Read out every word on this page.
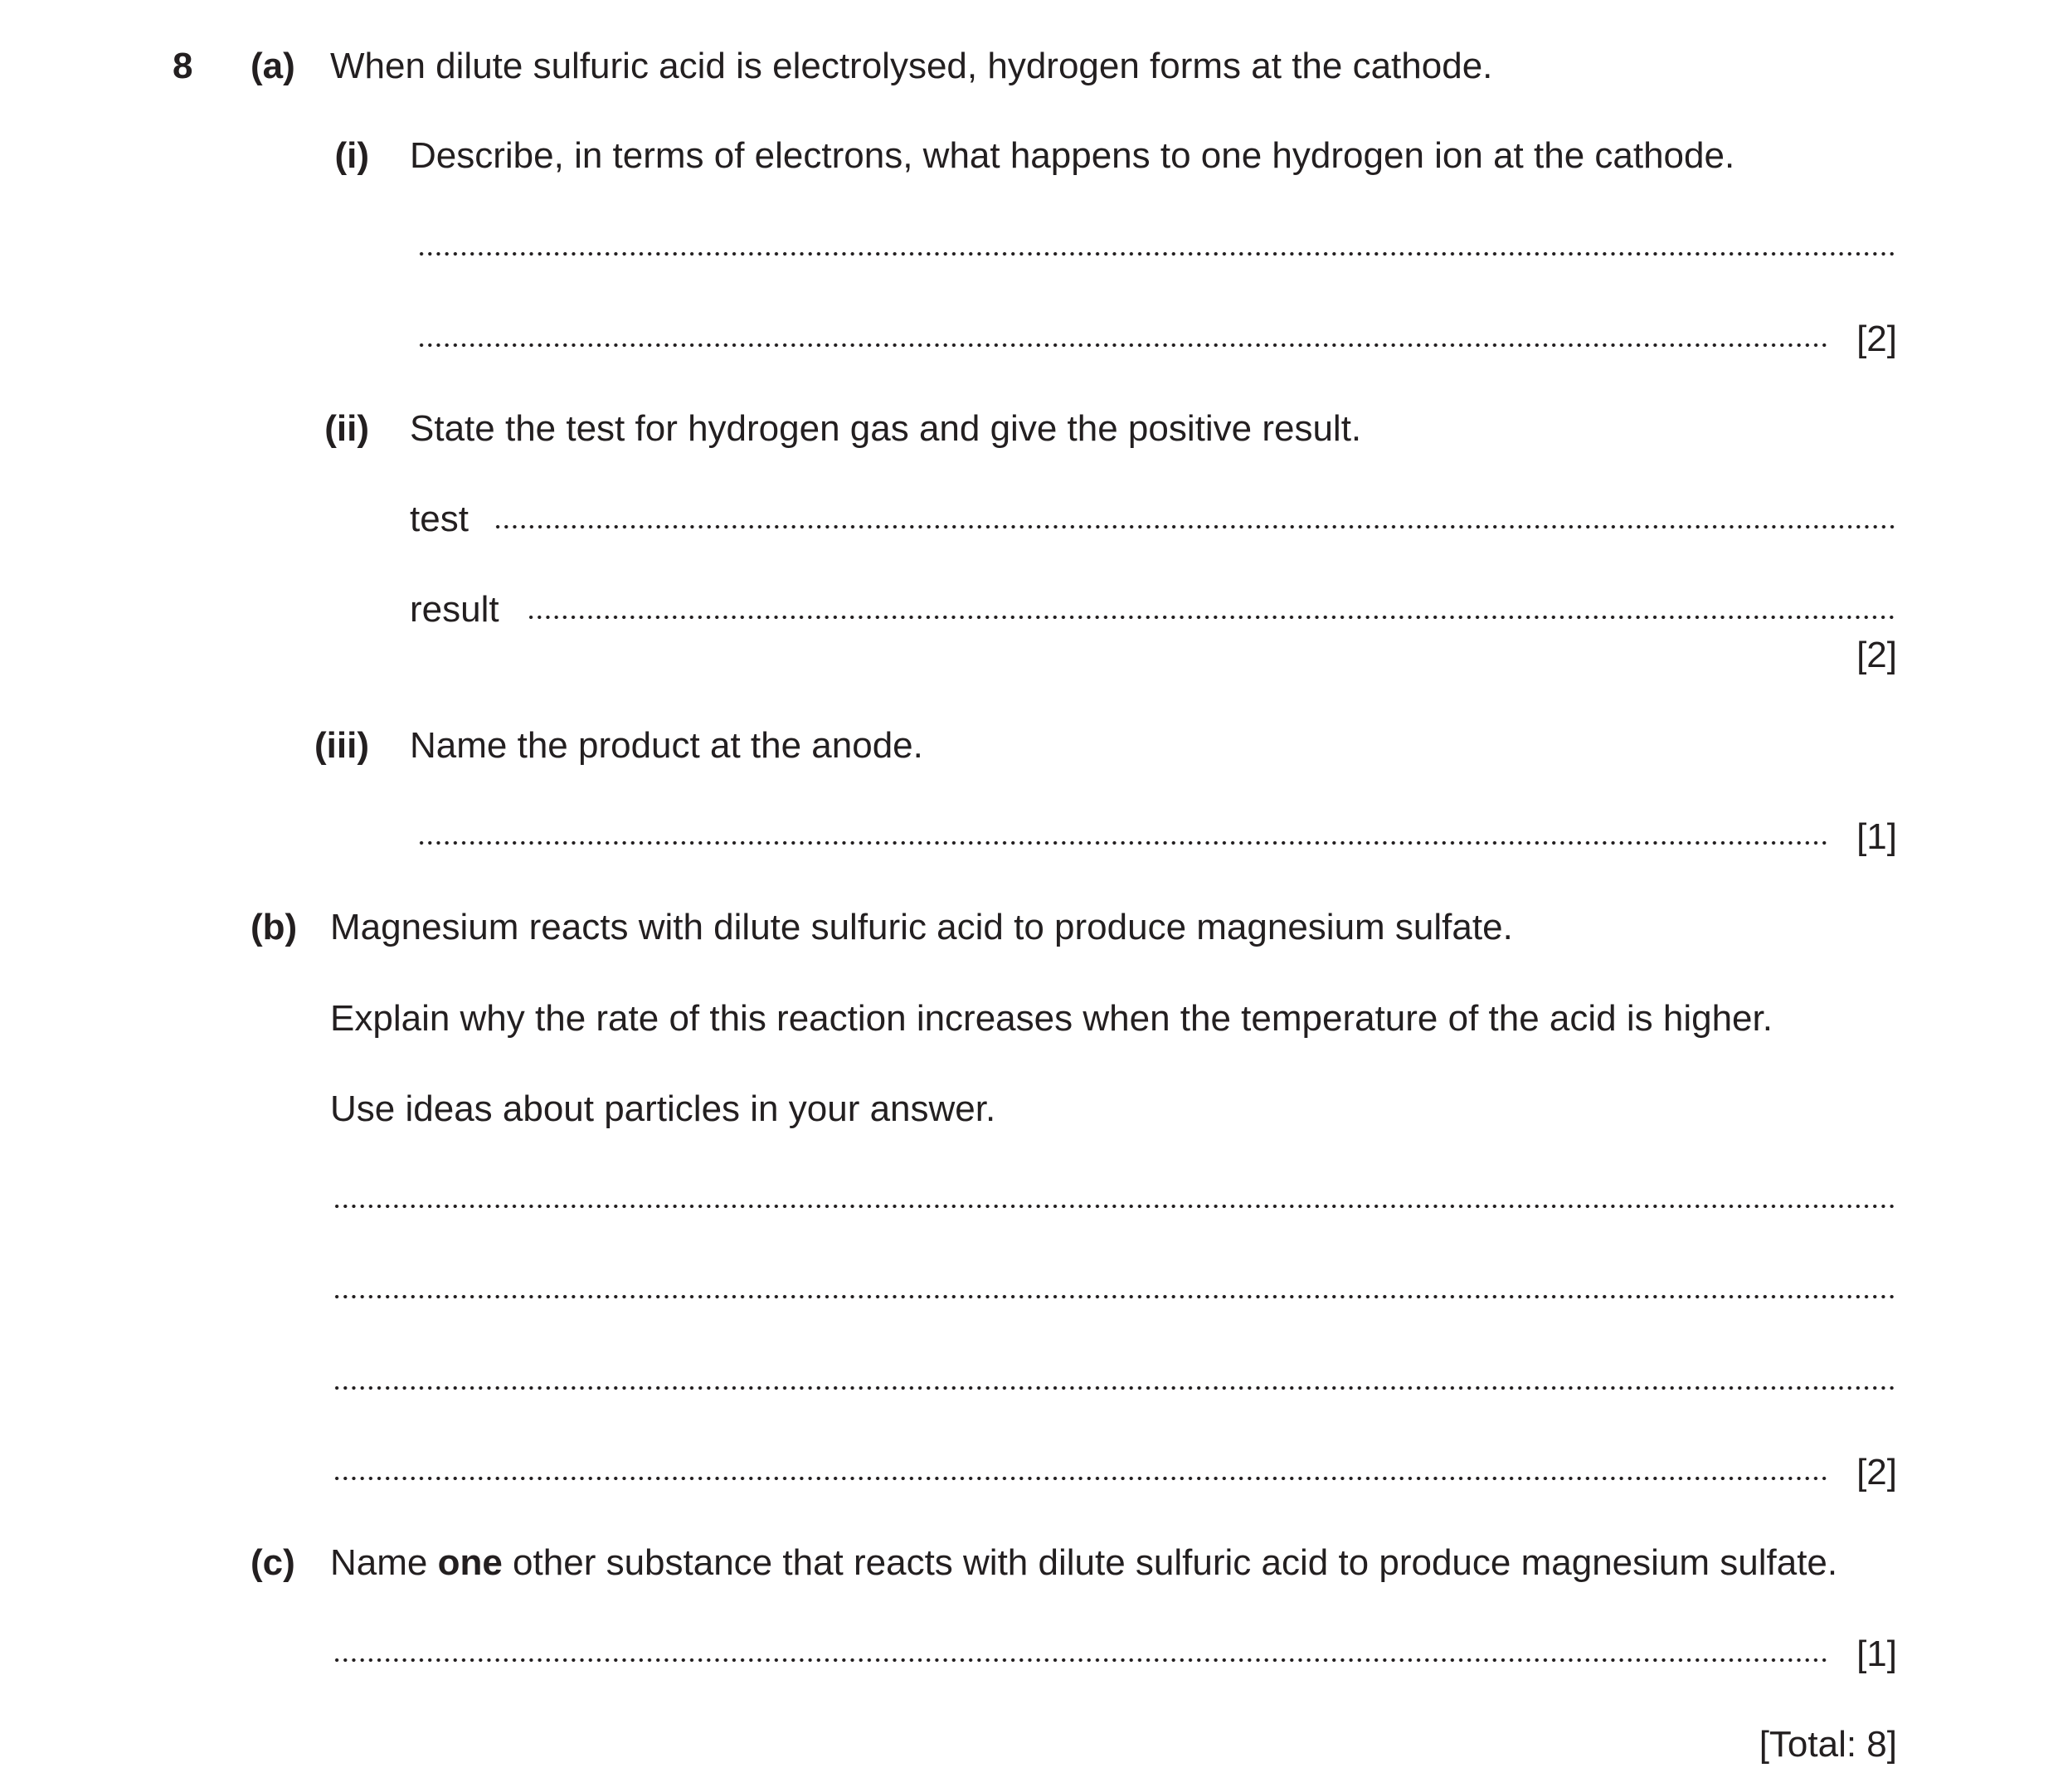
8 (a) When dilute sulfuric acid is electrolysed, hydrogen forms at the cathode.
(i) Describe, in terms of electrons, what happens to one hydrogen ion at the cathode.
[2]
(ii) State the test for hydrogen gas and give the positive result.
test
result
[2]
(iii) Name the product at the anode.
[1]
(b) Magnesium reacts with dilute sulfuric acid to produce magnesium sulfate.
Explain why the rate of this reaction increases when the temperature of the acid is higher.
Use ideas about particles in your answer.
[2]
(c) Name one other substance that reacts with dilute sulfuric acid to produce magnesium sulfate.
[1]
[Total: 8]
